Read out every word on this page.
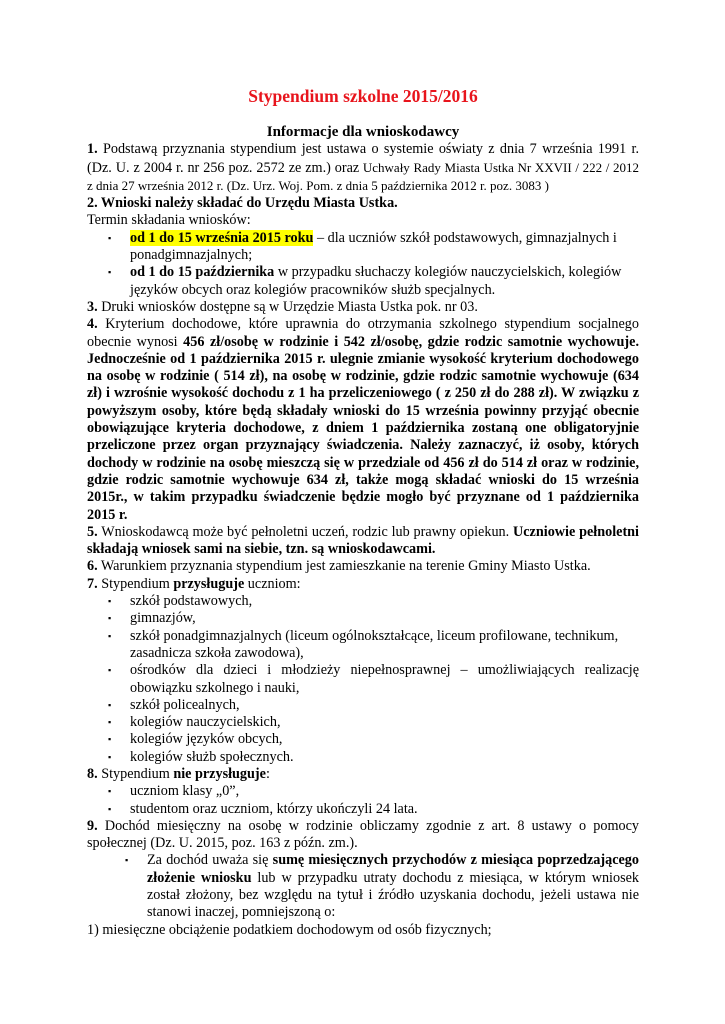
Stypendium szkolne 2015/2016
Informacje dla wnioskodawcy

1. Podstawą przyznania stypendium jest ustawa o systemie oświaty z dnia 7 września 1991 r. (Dz. U. z 2004 r. nr 256 poz. 2572 ze zm.) oraz Uchwały Rady Miasta Ustka Nr XXVII / 222 / 2012 z dnia 27 września 2012 r. (Dz. Urz. Woj. Pom. z dnia 5 października 2012 r. poz. 3083 )

2. Wnioski należy składać do Urzędu Miasta Ustka.

Termin składania wniosków:

▪ od 1 do 15 września 2015 roku – dla uczniów szkół podstawowych, gimnazjalnych i ponadgimnazjalnych;
▪ od 1 do 15 października w przypadku słuchaczy kolegiów nauczycielskich, kolegiów języków obcych oraz kolegiów pracowników służb specjalnych.

3. Druki wniosków dostępne są w Urzędzie Miasta Ustka pok. nr 03.

4. Kryterium dochodowe, które uprawnia do otrzymania szkolnego stypendium socjalnego obecnie wynosi 456 zł/osobę w rodzinie i 542 zł/osobę, gdzie rodzic samotnie wychowuje. Jednocześnie od 1 października 2015 r. ulegnie zmianie wysokość kryterium dochodowego na osobę w rodzinie ( 514 zł), na osobę w rodzinie, gdzie rodzic samotnie wychowuje (634 zł) i wzrośnie wysokość dochodu z 1 ha przeliczeniowego ( z 250 zł do 288 zł). W związku z powyższym osoby, które będą składały wnioski do 15 września powinny przyjąć obecnie obowiązujące kryteria dochodowe, z dniem 1 października zostaną one obligatoryjnie przeliczone przez organ przyznający świadczenia. Należy zaznaczyć, iż osoby, których dochody w rodzinie na osobę mieszczą się w przedziale od 456 zł do 514 zł oraz w rodzinie, gdzie rodzic samotnie wychowuje 634 zł, także mogą składać wnioski do 15 września 2015r., w takim przypadku świadczenie będzie mogło być przyznane od 1 października 2015 r.

5. Wnioskodawcą może być pełnoletni uczeń, rodzic lub prawny opiekun. Uczniowie pełnoletni składają wniosek sami na siebie, tzn. są wnioskodawcami.

6. Warunkiem przyznania stypendium jest zamieszkanie na terenie Gminy Miasto Ustka.

7. Stypendium przysługuje uczniom:

▪ szkół podstawowych,
▪ gimnazjów,
▪ szkół ponadgimnazjalnych (liceum ogólnokształcące, liceum profilowane, technikum, zasadnicza szkoła zawodowa),
▪ ośrodków dla dzieci i młodzieży niepełnosprawnej – umożliwiających realizację obowiązku szkolnego i nauki,
▪ szkół policealnych,
▪ kolegiów nauczycielskich,
▪ kolegiów języków obcych,
▪ kolegiów służb społecznych.

8. Stypendium nie przysługuje:

▪ uczniom klasy „0”,
▪ studentom oraz uczniom, którzy ukończyli 24 lata.

9. Dochód miesięczny na osobę w rodzinie obliczamy zgodnie z art. 8 ustawy o pomocy społecznej (Dz. U. 2015, poz. 163 z późn. zm.).

▪ Za dochód uważa się sumę miesięcznych przychodów z miesiąca poprzedzającego złożenie wniosku lub w przypadku utraty dochodu z miesiąca, w którym wniosek został złożony, bez względu na tytuł i źródło uzyskania dochodu, jeżeli ustawa nie stanowi inaczej, pomniejszoną o:

1) miesięczne obciążenie podatkiem dochodowym od osób fizycznych;
